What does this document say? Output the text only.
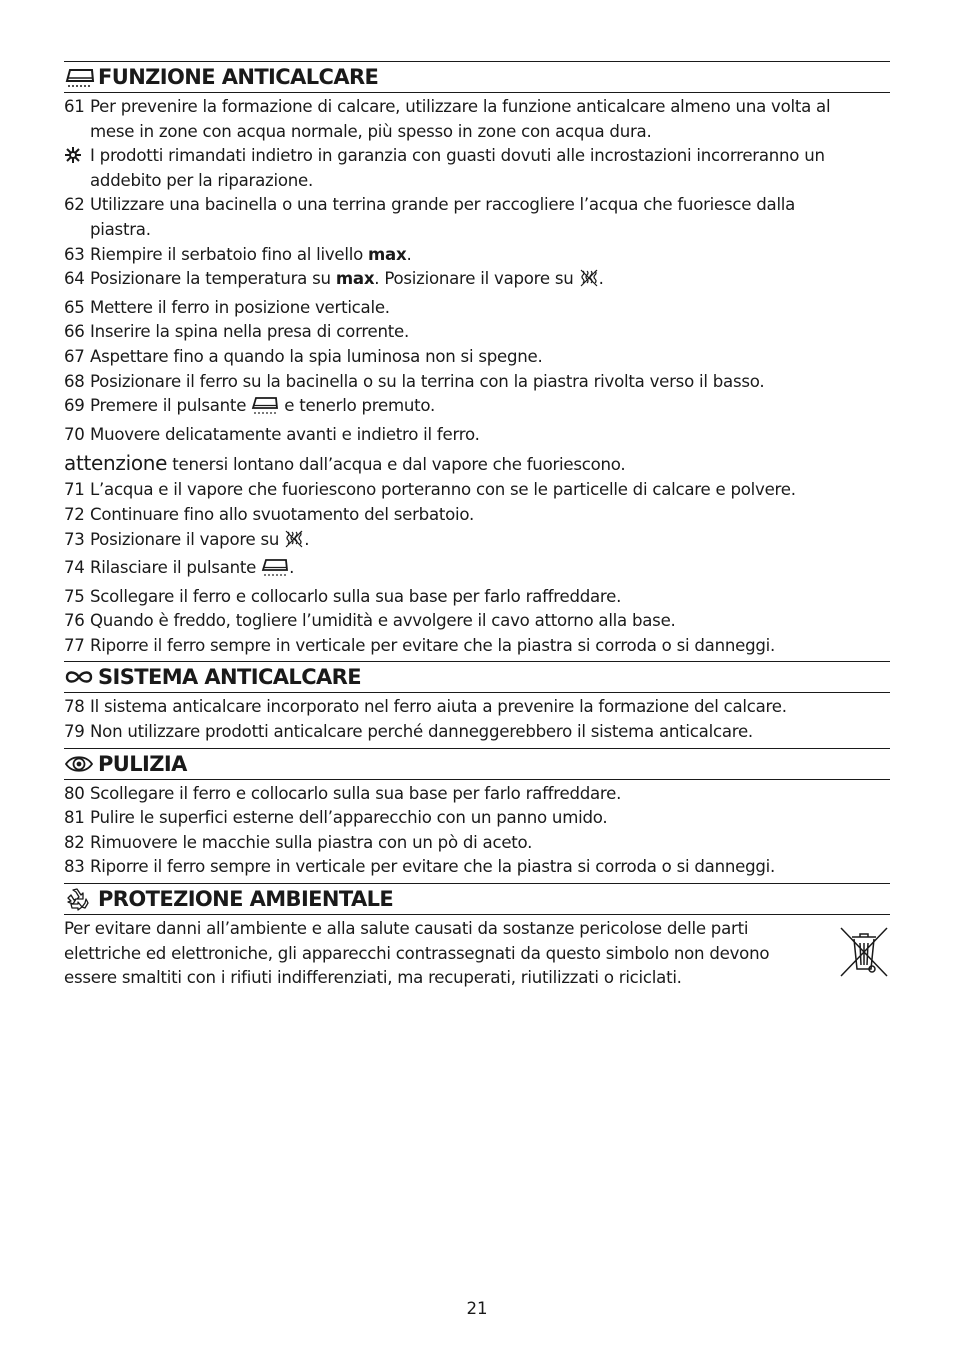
FUNZIONE ANTICALCARE
61 Per prevenire la formazione di calcare, utilizzare la funzione anticalcare almeno una volta al
mese in zone con acqua normale, più spesso in zone con acqua dura.
I prodotti rimandati indietro in garanzia con guasti dovuti alle incrostazioni incorreranno un
addebito per la riparazione.
62 Utilizzare una bacinella o una terrina grande per raccogliere l’acqua che fuoriesce dalla
piastra.
63 Riempire il serbatoio fino al livello max.
64 Posizionare la temperatura su max. Posizionare il vapore su .
65 Mettere il ferro in posizione verticale.
66 Inserire la spina nella presa di corrente.
67 Aspettare fino a quando la spia luminosa non si spegne.
68 Posizionare il ferro su la bacinella o su la terrina con la piastra rivolta verso il basso.
69 Premere il pulsante  e tenerlo premuto.
70 Muovere delicatamente avanti e indietro il ferro.
attenzione tenersi lontano dall’acqua e dal vapore che fuoriescono.
71 L’acqua e il vapore che fuoriescono porteranno con se le particelle di calcare e polvere.
72 Continuare fino allo svuotamento del serbatoio.
73 Posizionare il vapore su .
74 Rilasciare il pulsante .
75 Scollegare il ferro e collocarlo sulla sua base per farlo raffreddare.
76 Quando è freddo, togliere l’umidità e avvolgere il cavo attorno alla base.
77 Riporre il ferro sempre in verticale per evitare che la piastra si corroda o si danneggi.
SISTEMA ANTICALCARE
78 Il sistema anticalcare incorporato nel ferro aiuta a prevenire la formazione del calcare.
79 Non utilizzare prodotti anticalcare perché danneggerebbero il sistema anticalcare.
PULIZIA
80 Scollegare il ferro e collocarlo sulla sua base per farlo raffreddare.
81 Pulire le superfici esterne dell’apparecchio con un panno umido.
82 Rimuovere le macchie sulla piastra con un pò di aceto.
83 Riporre il ferro sempre in verticale per evitare che la piastra si corroda o si danneggi.
PROTEZIONE AMBIENTALE
Per evitare danni all’ambiente e alla salute causati da sostanze pericolose delle parti
elettriche ed elettroniche, gli apparecchi contrassegnati da questo simbolo non devono
essere smaltiti con i rifiuti indifferenziati, ma recuperati, riutilizzati o riciclati.
21
